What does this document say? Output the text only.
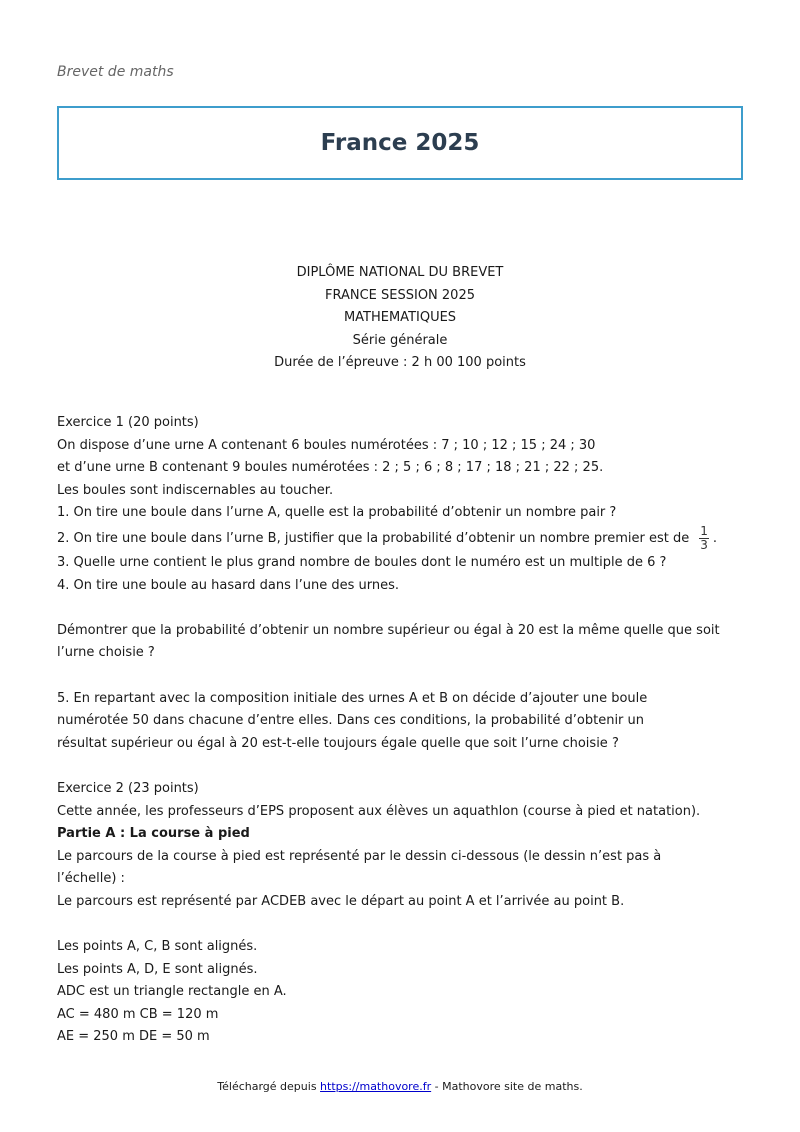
Brevet de maths
France 2025
DIPLÔME NATIONAL DU BREVET
FRANCE SESSION 2025
MATHEMATIQUES
Série générale
Durée de l’épreuve : 2 h 00 100 points
Exercice 1 (20 points)
On dispose d’une urne A contenant 6 boules numérotées : 7 ; 10 ; 12 ; 15 ; 24 ; 30
et d’une urne B contenant 9 boules numérotées : 2 ; 5 ; 6 ; 8 ; 17 ; 18 ; 21 ; 22 ; 25.
Les boules sont indiscernables au toucher.
1. On tire une boule dans l’urne A, quelle est la probabilité d’obtenir un nombre pair ?
2. On tire une boule dans l’urne B, justifier que la probabilité d’obtenir un nombre premier est de $\frac{1}{3}$ .
3. Quelle urne contient le plus grand nombre de boules dont le numéro est un multiple de 6 ?
4. On tire une boule au hasard dans l’une des urnes.
Démontrer que la probabilité d’obtenir un nombre supérieur ou égal à 20 est la même quelle que soit l’urne choisie ?
5. En repartant avec la composition initiale des urnes A et B on décide d’ajouter une boule
numérotée 50 dans chacune d’entre elles. Dans ces conditions, la probabilité d’obtenir un
résultat supérieur ou égal à 20 est-t-elle toujours égale quelle que soit l’urne choisie ?
Exercice 2 (23 points)
Cette année, les professeurs d’EPS proposent aux élèves un aquathlon (course à pied et natation).
Partie A : La course à pied
Le parcours de la course à pied est représenté par le dessin ci-dessous (le dessin n’est pas à
l’échelle) :
Le parcours est représenté par ACDEB avec le départ au point A et l’arrivée au point B.
Les points A, C, B sont alignés.
Les points A, D, E sont alignés.
ADC est un triangle rectangle en A.
AC = 480 m CB = 120 m
AE = 250 m DE = 50 m
Téléchargé depuis https://mathovore.fr - Mathovore site de maths.
